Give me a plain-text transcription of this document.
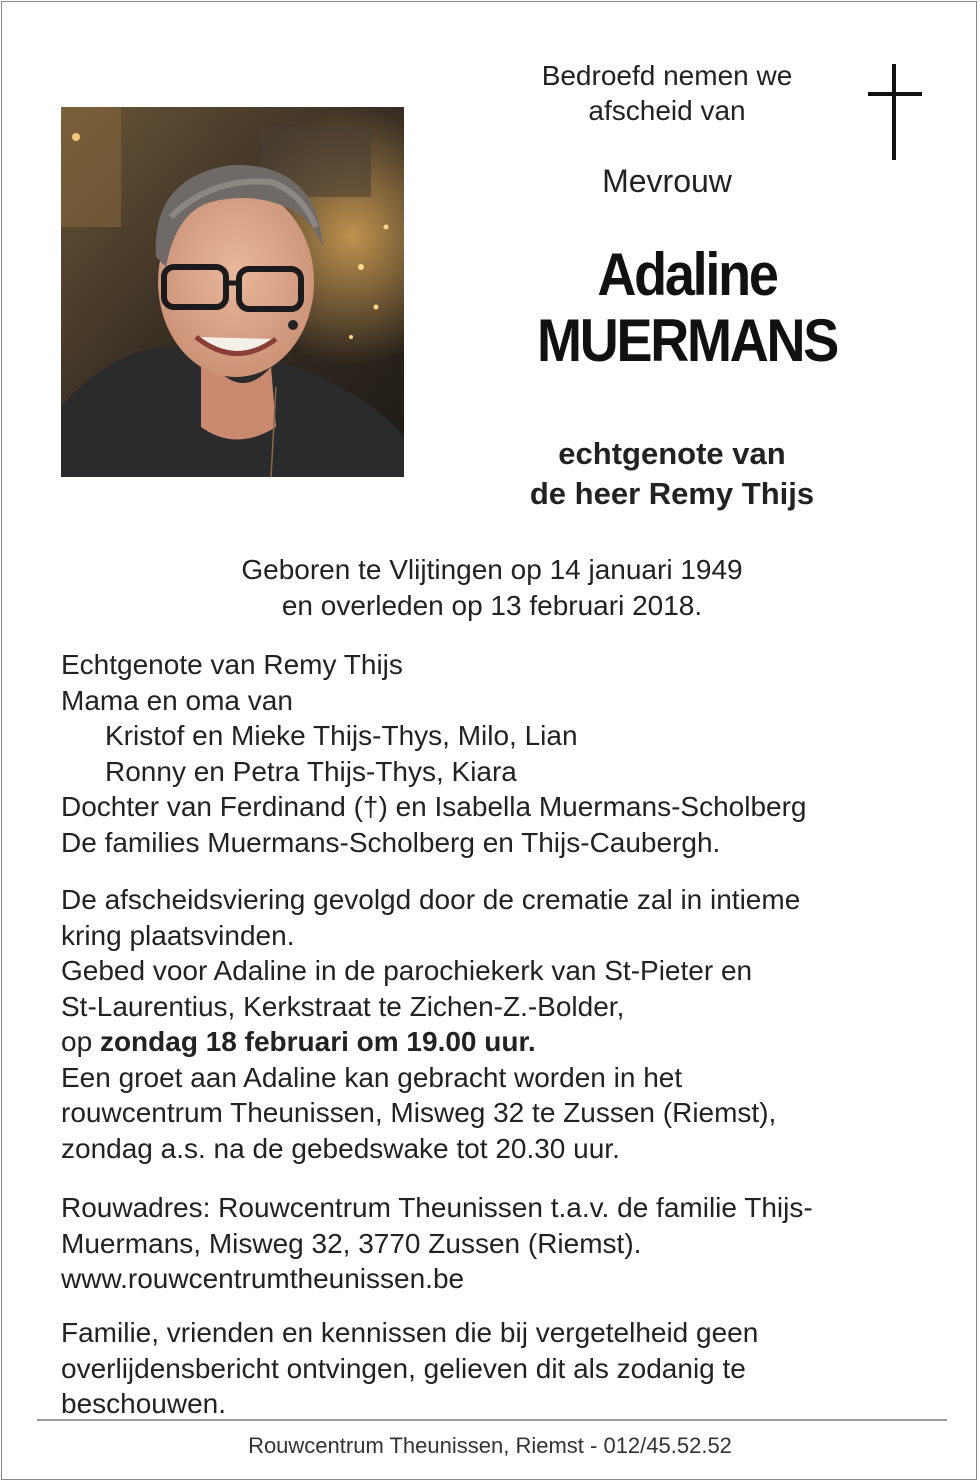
Bedroefd nemen we
afscheid van
Mevrouw
Adaline
MUERMANS
echtgenote van
de heer Remy Thijs
Geboren te Vlijtingen op 14 januari 1949
en overleden op 13 februari 2018.

Echtgenote van Remy Thijs

Mama en oma van

Kristof en Mieke Thijs-Thys, Milo, Lian

Ronny en Petra Thijs-Thys, Kiara

Dochter van Ferdinand (†) en Isabella Muermans-Scholberg

De families Muermans-Scholberg en Thijs-Caubergh.

De afscheidsviering gevolgd door de crematie zal in intieme

kring plaatsvinden.

Gebed voor Adaline in de parochiekerk van St-Pieter en

St-Laurentius, Kerkstraat te Zichen-Z.-Bolder,

op zondag 18 februari om 19.00 uur.

Een groet aan Adaline kan gebracht worden in het

rouwcentrum Theunissen, Misweg 32 te Zussen (Riemst),

zondag a.s. na de gebedswake tot 20.30 uur.

Rouwadres: Rouwcentrum Theunissen t.a.v. de familie Thijs-

Muermans, Misweg 32, 3770 Zussen (Riemst).

www.rouwcentrumtheunissen.be

Familie, vrienden en kennissen die bij vergetelheid geen

overlijdensbericht ontvingen, gelieven dit als zodanig te

beschouwen.

Rouwcentrum Theunissen, Riemst - 012/45.52.52
